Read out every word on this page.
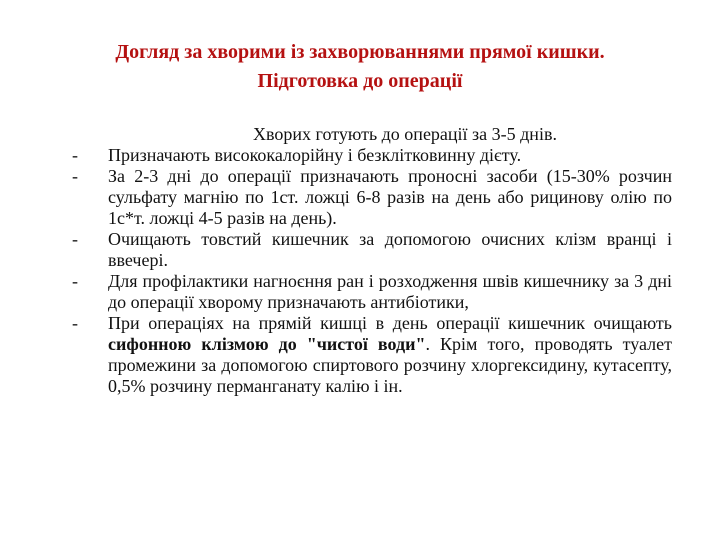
Догляд за хворими із захворюваннями прямої кишки.
Підготовка до операції
Хворих готують до операції за 3-5 днів.
- Призначають висококалорійну і безклітковинну дієту.
- За 2-3 дні до операції призначають проносні засоби (15-30% розчин сульфату магнію по 1ст. ложці 6-8 разів на день або рицинову олію по 1с*т. ложці 4-5 разів на день).
- Очищають товстий кишечник за допомогою очисних клізм вранці і ввечері.
- Для профілактики нагноєння ран і розходження швів кишечнику за 3 дні до операції хворому призначають антибіотики,
- При операціях на прямій кишці в день операції кишечник очищають сифонною клізмою до "чистої води". Крім того, проводять туалет промежини за допомогою спиртового розчину хлоргексидину, кутасепту, 0,5% розчину перманганату калію і ін.
